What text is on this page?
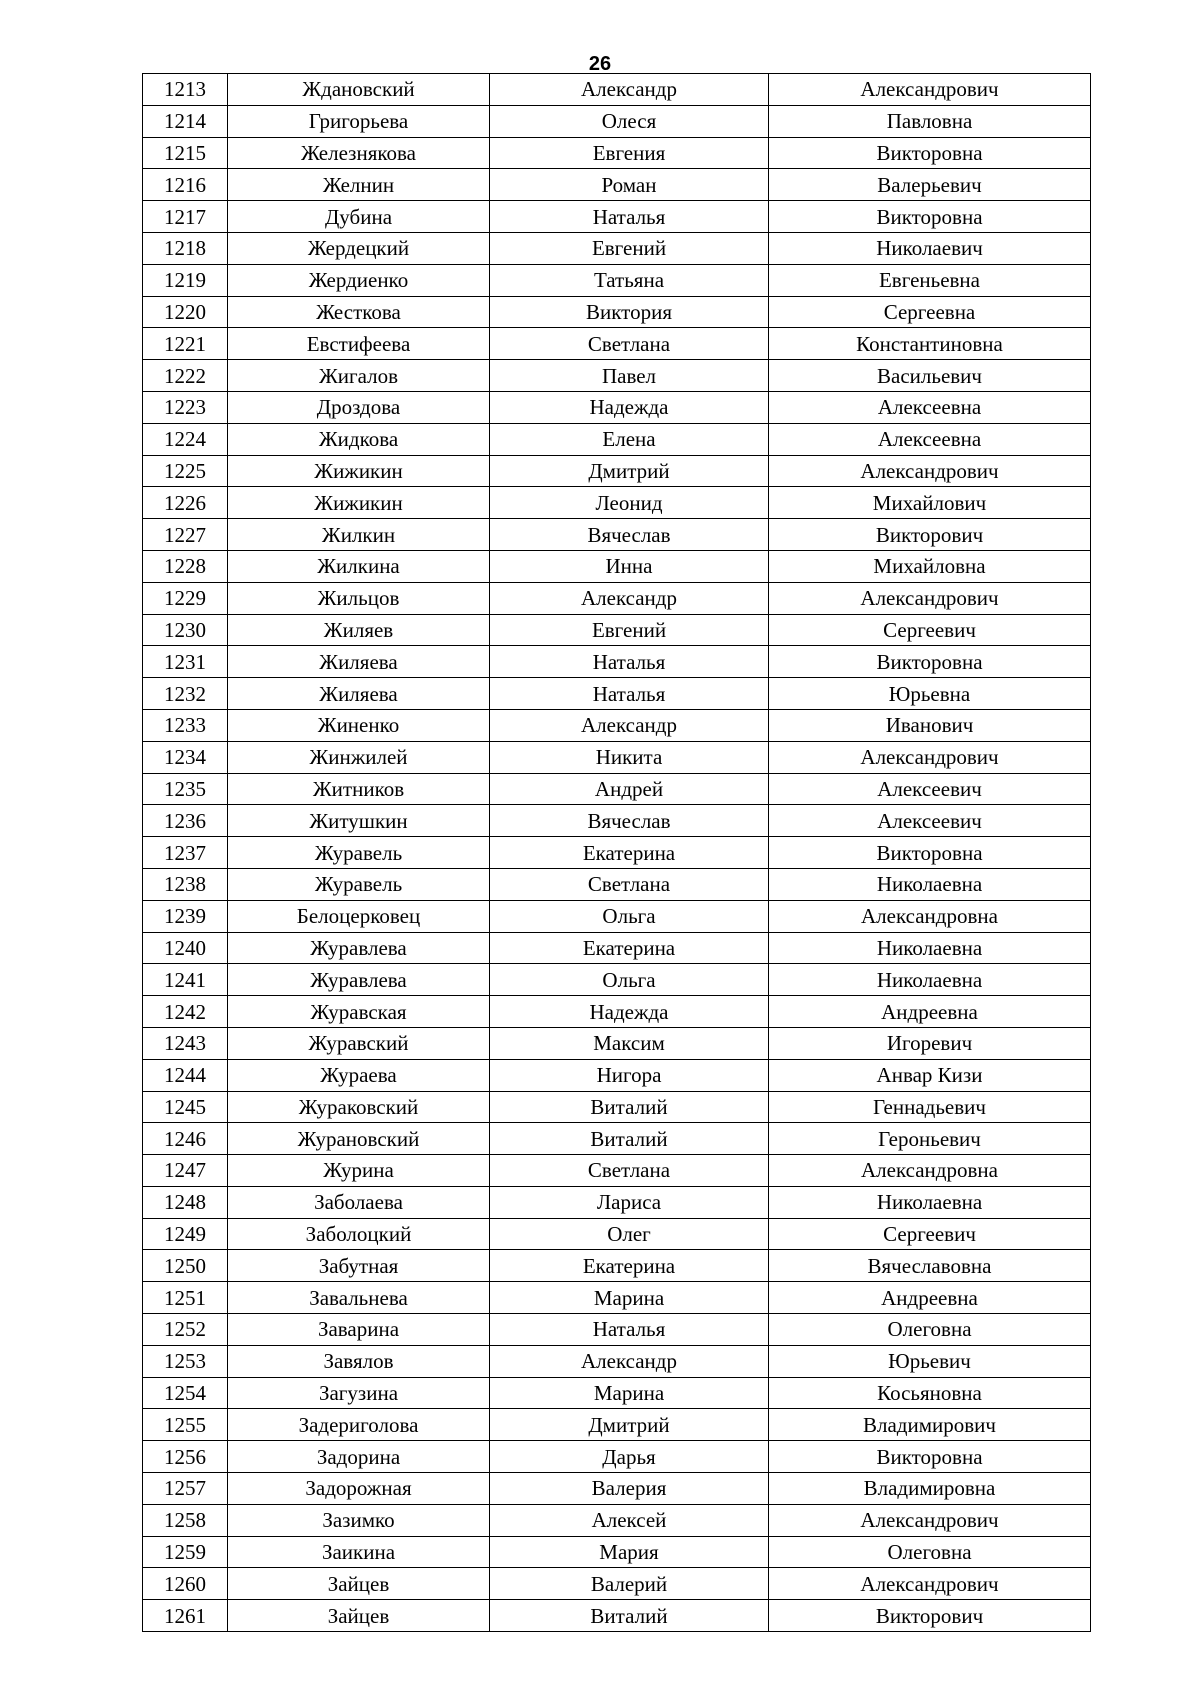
26
1213	Ждановский	Александр	Александрович
1214	Григорьева	Олеся	Павловна
1215	Железнякова	Евгения	Викторовна
1216	Желнин	Роман	Валерьевич
1217	Дубина	Наталья	Викторовна
1218	Жердецкий	Евгений	Николаевич
1219	Жердиенко	Татьяна	Евгеньевна
1220	Жесткова	Виктория	Сергеевна
1221	Евстифеева	Светлана	Константиновна
1222	Жигалов	Павел	Васильевич
1223	Дроздова	Надежда	Алексеевна
1224	Жидкова	Елена	Алексеевна
1225	Жижикин	Дмитрий	Александрович
1226	Жижикин	Леонид	Михайлович
1227	Жилкин	Вячеслав	Викторович
1228	Жилкина	Инна	Михайловна
1229	Жильцов	Александр	Александрович
1230	Жиляев	Евгений	Сергеевич
1231	Жиляева	Наталья	Викторовна
1232	Жиляева	Наталья	Юрьевна
1233	Жиненко	Александр	Иванович
1234	Жинжилей	Никита	Александрович
1235	Житников	Андрей	Алексеевич
1236	Житушкин	Вячеслав	Алексеевич
1237	Журавель	Екатерина	Викторовна
1238	Журавель	Светлана	Николаевна
1239	Белоцерковец	Ольга	Александровна
1240	Журавлева	Екатерина	Николаевна
1241	Журавлева	Ольга	Николаевна
1242	Журавская	Надежда	Андреевна
1243	Журавский	Максим	Игоревич
1244	Жураева	Нигора	Анвар Кизи
1245	Жураковский	Виталий	Геннадьевич
1246	Журановский	Виталий	Героньевич
1247	Журина	Светлана	Александровна
1248	Заболаева	Лариса	Николаевна
1249	Заболоцкий	Олег	Сергеевич
1250	Забутная	Екатерина	Вячеславовна
1251	Завальнева	Марина	Андреевна
1252	Заварина	Наталья	Олеговна
1253	Завялов	Александр	Юрьевич
1254	Загузина	Марина	Косьяновна
1255	Задериголова	Дмитрий	Владимирович
1256	Задорина	Дарья	Викторовна
1257	Задорожная	Валерия	Владимировна
1258	Зазимко	Алексей	Александрович
1259	Заикина	Мария	Олеговна
1260	Зайцев	Валерий	Александрович
1261	Зайцев	Виталий	Викторович
